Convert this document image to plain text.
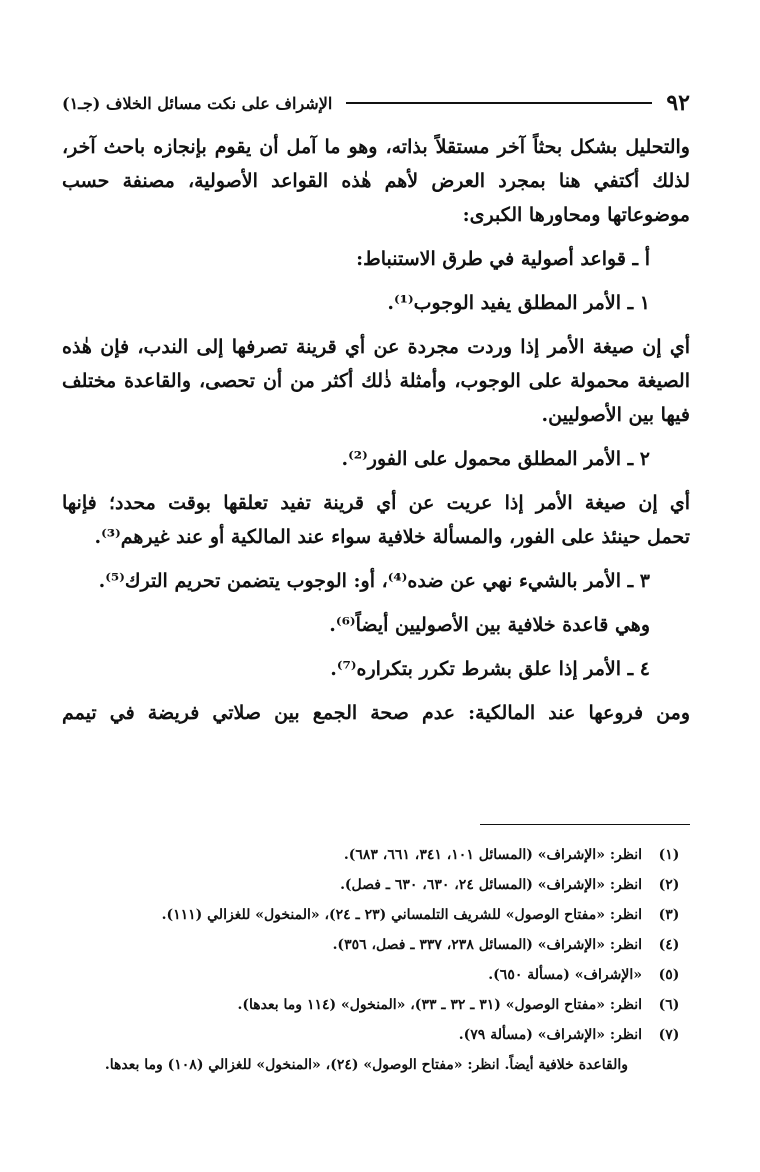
٩٢
الإشراف على نكت مسائل الخلاف (جـ١)
والتحليل بشكل بحثاً آخر مستقلاً بذاته، وهو ما آمل أن يقوم بإنجازه باحث آخر،
لذلك أكتفي هنا بمجرد العرض لأهم هٰذه القواعد الأصولية، مصنفة حسب
موضوعاتها ومحاورها الكبرى:
أ ـ قواعد أصولية في طرق الاستنباط:
١ ـ الأمر المطلق يفيد الوجوب⁽¹⁾.
أي إن صيغة الأمر إذا وردت مجردة عن أي قرينة تصرفها إلى الندب، فإن هٰذه
الصيغة محمولة على الوجوب، وأمثلة ذٰلك أكثر من أن تحصى، والقاعدة مختلف
فيها بين الأصوليين.
٢ ـ الأمر المطلق محمول على الفور⁽²⁾.
أي إن صيغة الأمر إذا عريت عن أي قرينة تفيد تعلقها بوقت محدد؛ فإنها
تحمل حينئذ على الفور، والمسألة خلافية سواء عند المالكية أو عند غيرهم⁽³⁾.
٣ ـ الأمر بالشيء نهي عن ضده⁽⁴⁾، أو: الوجوب يتضمن تحريم الترك⁽⁵⁾.
وهي قاعدة خلافية بين الأصوليين أيضاً⁽⁶⁾.
٤ ـ الأمر إذا علق بشرط تكرر بتكراره⁽⁷⁾.
ومن فروعها عند المالكية: عدم صحة الجمع بين صلاتي فريضة في تيمم
(١)
انظر: «الإشراف» (المسائل ١٠١، ٣٤١، ٦٦١، ٦٨٣).
(٢)
انظر: «الإشراف» (المسائل ٢٤، ٦٣٠، ٦٣٠ ـ فصل).
(٣)
انظر: «مفتاح الوصول» للشريف التلمساني (٢٣ ـ ٢٤)، «المنخول» للغزالي (١١١).
(٤)
انظر: «الإشراف» (المسائل ٢٣٨، ٣٣٧ ـ فصل، ٣٥٦).
(٥)
«الإشراف» (مسألة ٦٥٠).
(٦)
انظر: «مفتاح الوصول» (٣١ ـ ٣٢ ـ ٣٣)، «المنخول» (١١٤ وما بعدها).
(٧)
انظر: «الإشراف» (مسألة ٧٩).
والقاعدة خلافية أيضاً. انظر: «مفتاح الوصول» (٢٤)، «المنخول» للغزالي (١٠٨) وما بعدها.
